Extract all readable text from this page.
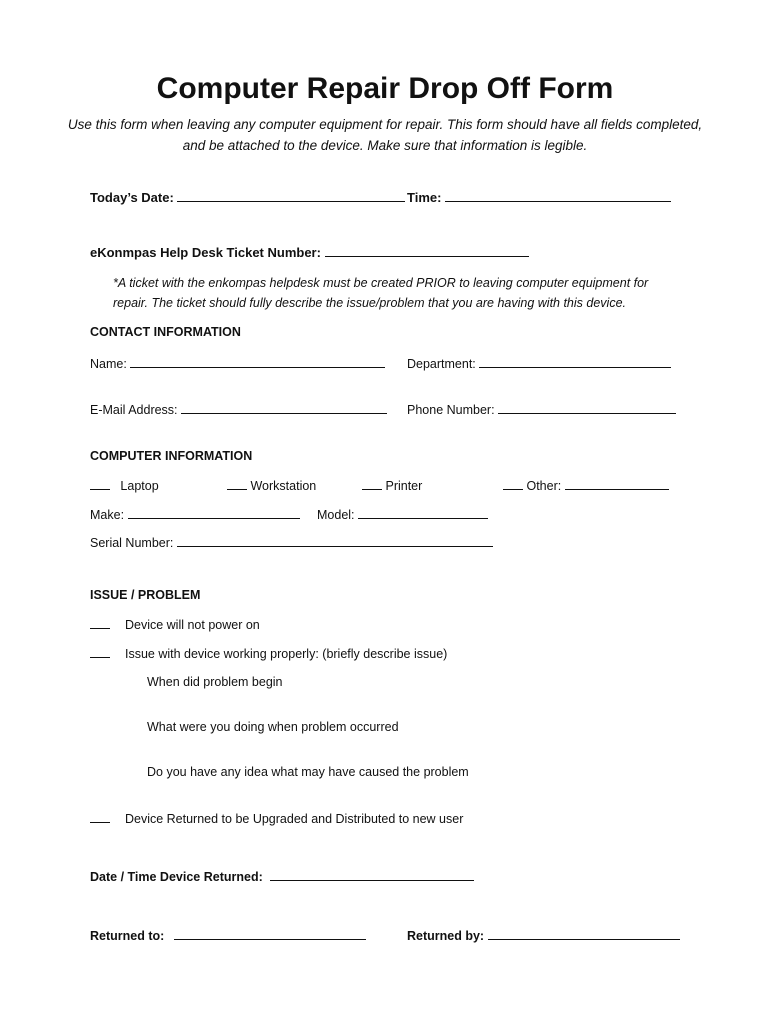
Computer Repair Drop Off Form
Use this form when leaving any computer equipment for repair. This form should have all fields completed, and be attached to the device. Make sure that information is legible.
Today’s Date:	Time:
eKonmpas Help Desk Ticket Number:
*A ticket with the enkompas helpdesk must be created PRIOR to leaving computer equipment for repair. The ticket should fully describe the issue/problem that you are having with this device.
CONTACT INFORMATION
Name:	Department:
E-Mail Address:	Phone Number:
COMPUTER INFORMATION
Laptop	Workstation	Printer	Other:
Make:	Model:
Serial Number:
ISSUE / PROBLEM
Device will not power on
Issue with device working properly: (briefly describe issue)
When did problem begin
What were you doing when problem occurred
Do you have any idea what may have caused the problem
Device Returned to be Upgraded and Distributed to new user
Date / Time Device Returned:
Returned to:	Returned by:
